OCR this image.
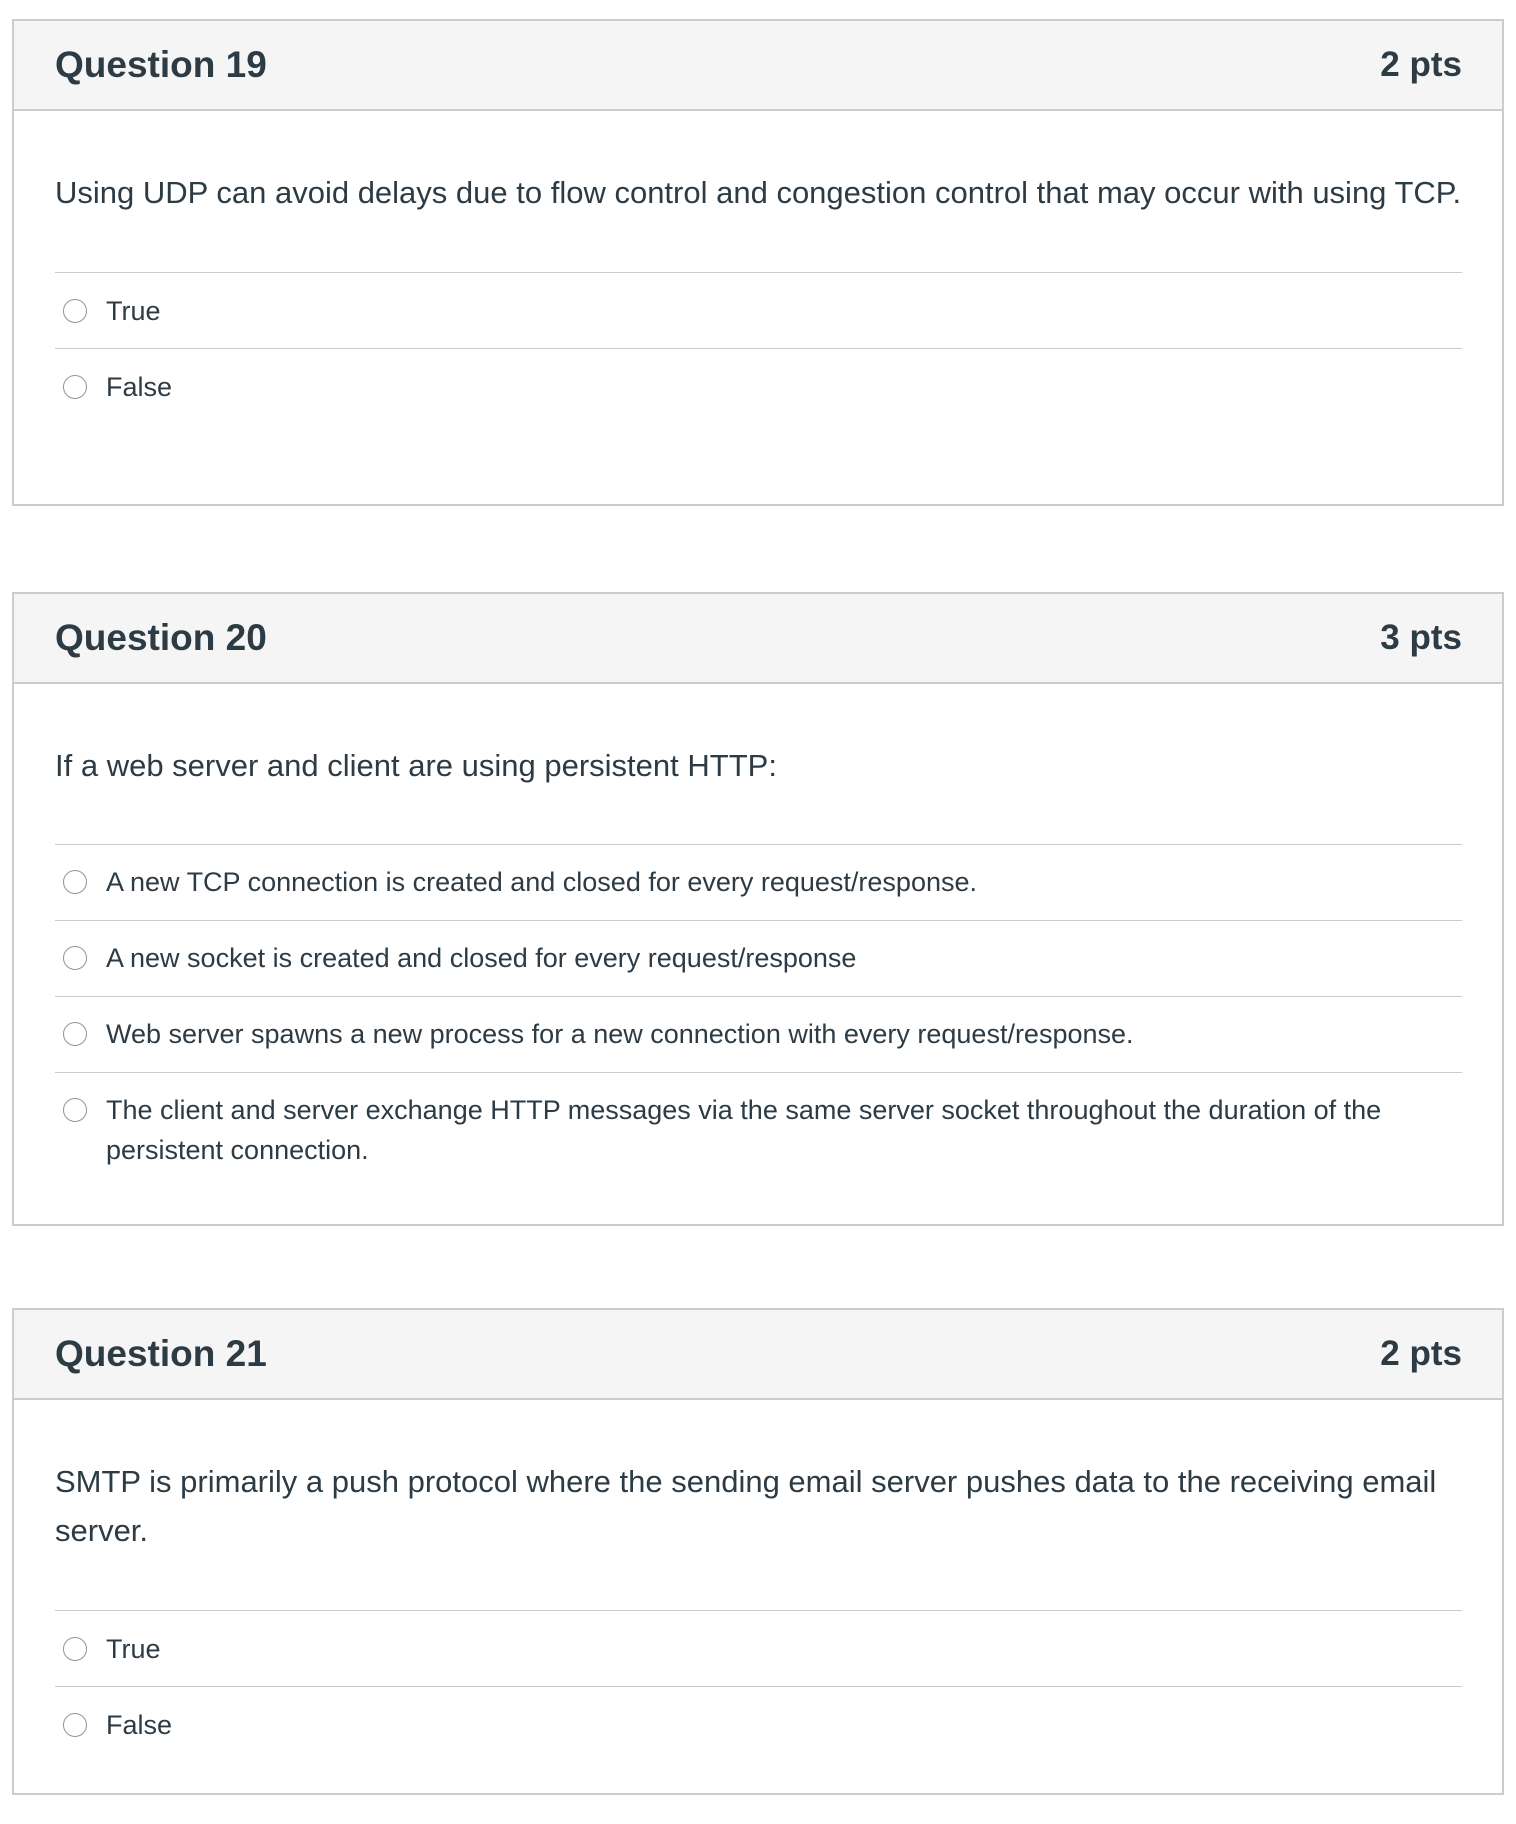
Question 19	2 pts

Using UDP can avoid delays due to flow control and congestion control that may occur with using TCP.

True
False
Question 20	3 pts

If a web server and client are using persistent HTTP:

A new TCP connection is created and closed for every request/response.
A new socket is created and closed for every request/response
Web server spawns a new process for a new connection with every request/response.
The client and server exchange HTTP messages via the same server socket throughout the duration of the persistent connection.
Question 21	2 pts

SMTP is primarily a push protocol where the sending email server pushes data to the receiving email server.

True
False
